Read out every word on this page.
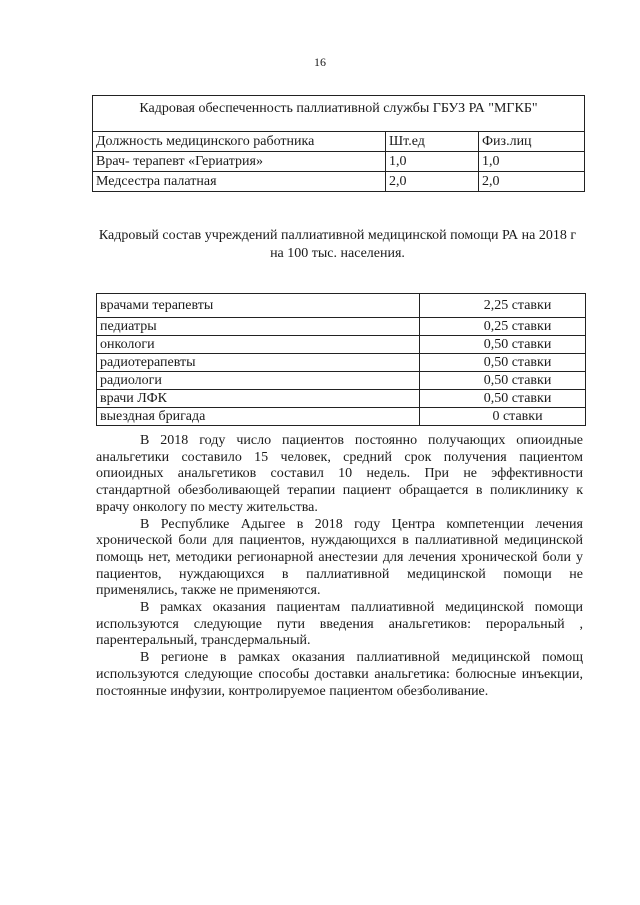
16
Кадровая обеспеченность паллиативной службы ГБУЗ РА "МГКБ"
Должность медицинского работника	Шт.ед	Физ.лиц
Врач- терапевт «Гериатрия»	1,0	1,0
Медсестра палатная	2,0	2,0
Кадровый состав учреждений паллиативной медицинской помощи РА на 2018 г на 100 тыс. населения.
врачами терапевты	2,25 ставки
педиатры	0,25 ставки
онкологи	0,50 ставки
радиотерапевты	0,50 ставки
радиологи	0,50 ставки
врачи ЛФК	0,50 ставки
выездная бригада	0 ставки

В 2018 году число пациентов постоянно получающих опиоидные анальгетики составило 15 человек, средний срок получения пациентом опиоидных анальгетиков составил 10 недель. При не эффективности стандартной обезболивающей терапии пациент обращается в поликлинику к врачу онкологу по месту жительства.

В Республике Адыгее в 2018 году Центра компетенции лечения хронической боли для пациентов, нуждающихся в паллиативной медицинской помощь нет, методики регионарной анестезии для лечения хронической боли у пациентов, нуждающихся в паллиативной медицинской помощи не применялись, также не применяются.

В рамках оказания пациентам паллиативной медицинской помощи используются следующие пути введения анальгетиков: пероральный , парентеральный, трансдермальный.

В регионе в рамках оказания паллиативной медицинской помощ используются следующие способы доставки анальгетика: болюсные инъекции, постоянные инфузии, контролируемое пациентом обезболивание.
